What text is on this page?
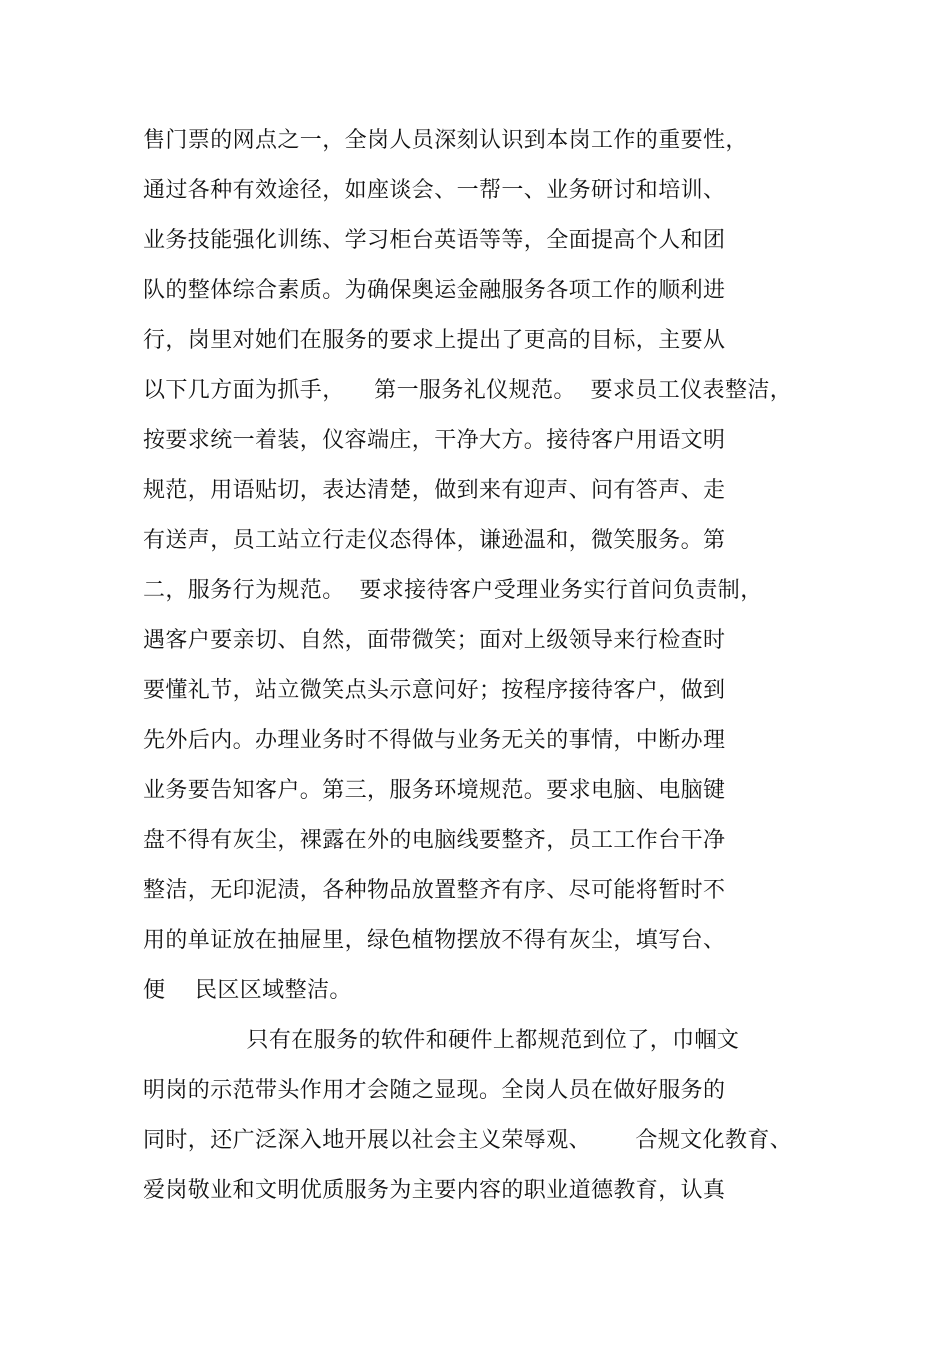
售门票的网点之一，全岗人员深刻认识到本岗工作的重要性，
通过各种有效途径，如座谈会、一帮一、业务研讨和培训、
业务技能强化训练、学习柜台英语等等，全面提高个人和团
队的整体综合素质。为确保奥运金融服务各项工作的顺利进
行，岗里对她们在服务的要求上提出了更高的目标，主要从
以下几方面为抓手，    第一服务礼仪规范。  要求员工仪表整洁，
按要求统一着装，仪容端庄，干净大方。接待客户用语文明
规范，用语贴切，表达清楚，做到来有迎声、问有答声、走
有送声，员工站立行走仪态得体，谦逊温和，微笑服务。第
二，服务行为规范。  要求接待客户受理业务实行首问负责制，
遇客户要亲切、自然，面带微笑；面对上级领导来行检查时
要懂礼节，站立微笑点头示意问好；按程序接待客户，做到
先外后内。办理业务时不得做与业务无关的事情，中断办理
业务要告知客户。第三，服务环境规范。要求电脑、电脑键
盘不得有灰尘，裸露在外的电脑线要整齐，员工工作台干净
整洁，无印泥渍，各种物品放置整齐有序、尽可能将暂时不
用的单证放在抽屉里，绿色植物摆放不得有灰尘，填写台、
便    民区区域整洁。
只有在服务的软件和硬件上都规范到位了，巾帼文
明岗的示范带头作用才会随之显现。全岗人员在做好服务的
同时，还广泛深入地开展以社会主义荣辱观、      合规文化教育、
爱岗敬业和文明优质服务为主要内容的职业道德教育，认真
